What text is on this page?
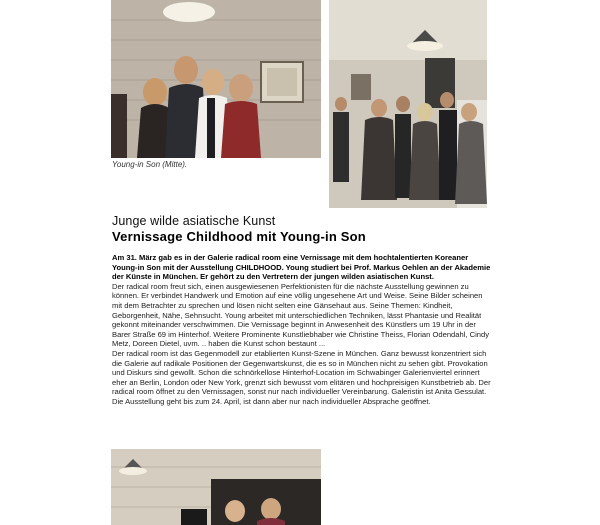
Young-in Son (Mitte).
Junge wilde asiatische Kunst
Vernissage Childhood mit Young-in Son

Am 31. März gab es in der Galerie radical room eine Vernissage mit dem hochtalentierten Koreaner Young-in Son mit der Ausstellung CHILDHOOD. Young studiert bei Prof. Markus Oehlen an der Akademie der Künste in München. Er gehört zu den Vertretern der jungen wilden asiatischen Kunst.

Der radical room freut sich, einen ausgewiesenen Perfektionisten für die nächste Ausstellung gewinnen zu können. Er verbindet Handwerk und Emotion auf eine völlig ungesehene Art und Weise. Seine Bilder scheinen mit dem Betrachter zu sprechen und lösen nicht selten eine Gänsehaut aus. Seine Themen: Kindheit, Geborgenheit, Nähe, Sehnsucht. Young arbeitet mit unterschiedlichen Techniken, lässt Phantasie und Realität gekonnt miteinander verschwimmen. Die Vernissage beginnt in Anwesenheit des Künstlers um 19 Uhr in der Barer Straße 69 im Hinterhof. Weitere Prominente Kunstliebhaber wie Christine Theiss, Florian Odendahl, Cindy Metz, Doreen Dietel, uvm. .. haben die Kunst schon bestaunt ...

Der radical room ist das Gegenmodell zur etablierten Kunst-Szene in München. Ganz bewusst konzentriert sich die Galerie auf radikale Positionen der Gegenwartskunst, die es so in München nicht zu sehen gibt. Provokation und Diskurs sind gewollt. Schon die schnörkellose Hinterhof-Location im Schwabinger Galerienviertel erinnert eher an Berlin, London oder New York, grenzt sich bewusst vom elitären und hochpreisigen Kunstbetrieb ab. Der radical room öffnet zu den Vernissagen, sonst nur nach individueller Vereinbarung. Galeristin ist Anita Gessulat. Die Ausstellung geht bis zum 24. April, ist dann aber nur nach individueller Absprache geöffnet.
